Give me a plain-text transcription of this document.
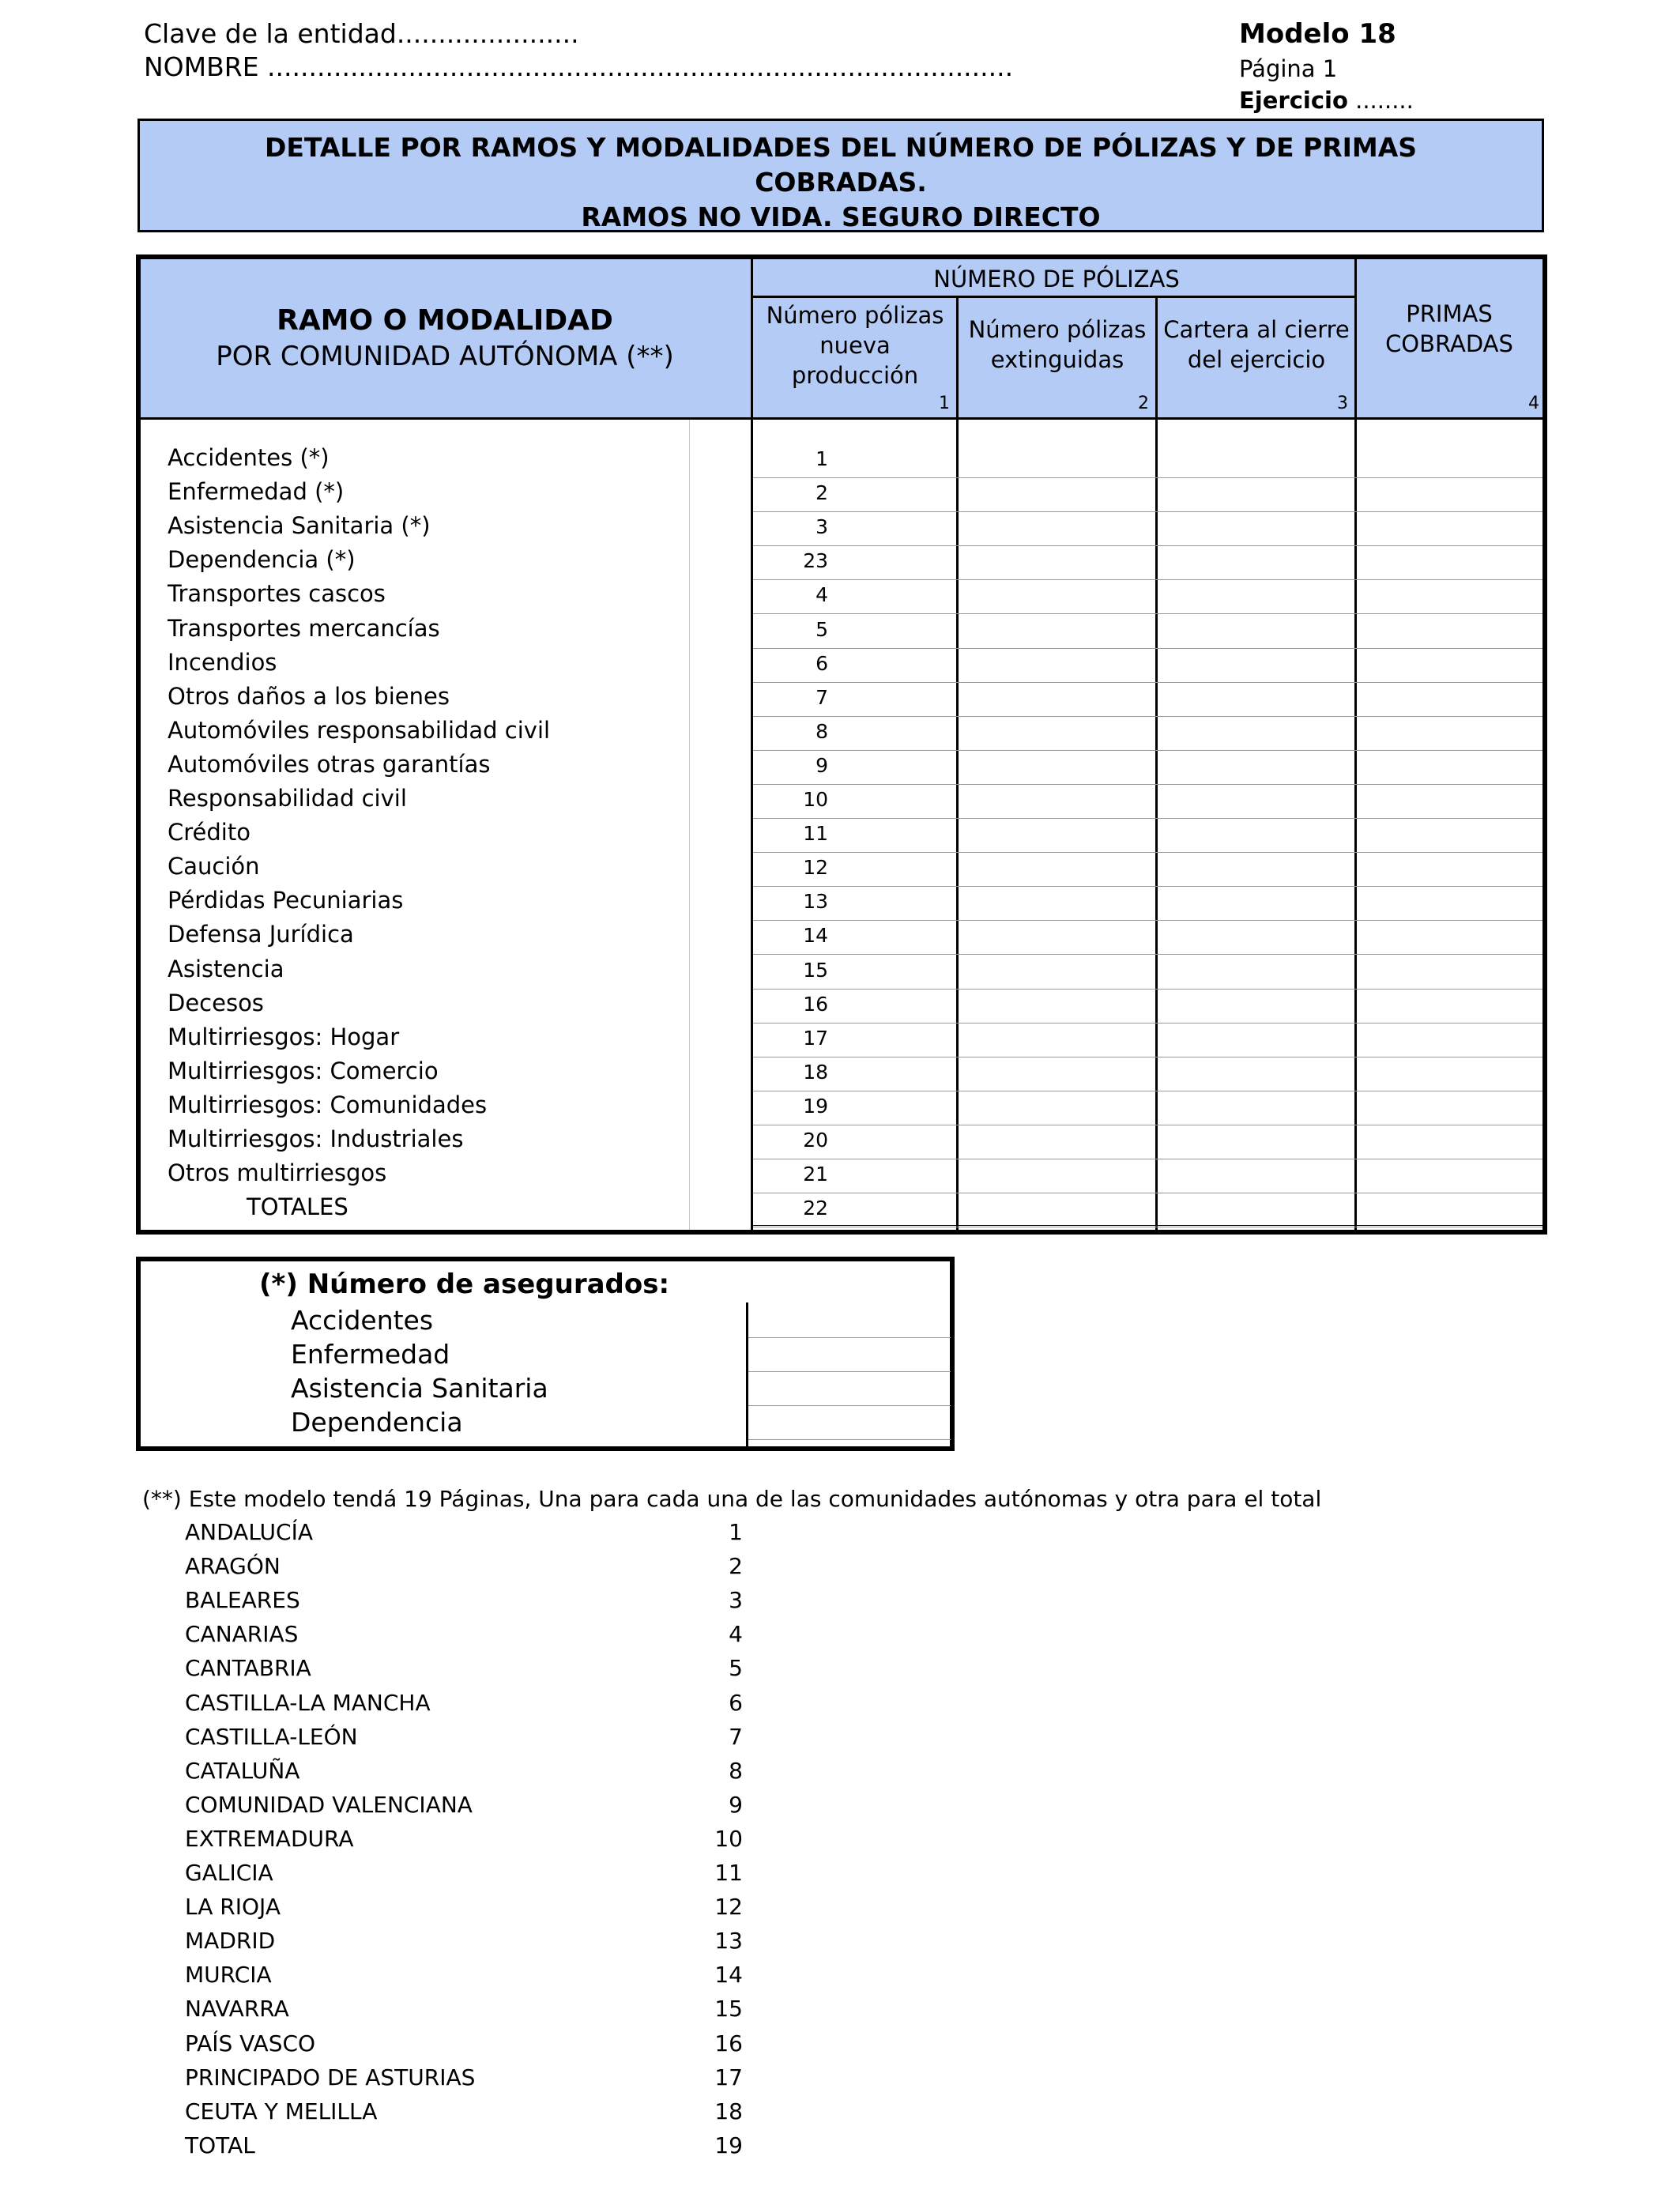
Clave de la entidad......................
NOMBRE ..........................................................................................
Modelo 18
Página 1
Ejercicio ........
DETALLE POR RAMOS Y MODALIDADES DEL NÚMERO DE PÓLIZAS Y DE PRIMAS
COBRADAS.
RAMOS NO VIDA. SEGURO DIRECTO
RAMO O MODALIDAD
POR COMUNIDAD AUTÓNOMA (**)
NÚMERO DE PÓLIZAS
Número pólizas
nueva
producción
Número pólizas
extinguidas
Cartera al cierre
del ejercicio
PRIMAS
COBRADAS
1	2	3	4
Accidentes (*)	1
Enfermedad (*)	2
Asistencia Sanitaria (*)	3
Dependencia (*)	23
Transportes cascos	4
Transportes mercancías	5
Incendios	6
Otros daños a los bienes	7
Automóviles responsabilidad civil	8
Automóviles otras garantías	9
Responsabilidad civil	10
Crédito	11
Caución	12
Pérdidas Pecuniarias	13
Defensa Jurídica	14
Asistencia	15
Decesos	16
Multirriesgos: Hogar	17
Multirriesgos: Comercio	18
Multirriesgos: Comunidades	19
Multirriesgos: Industriales	20
Otros multirriesgos	21
TOTALES	22
(*) Número de asegurados:
Accidentes
Enfermedad
Asistencia Sanitaria
Dependencia
(**) Este modelo tendá 19 Páginas, Una para cada una de las comunidades autónomas y otra para el total
ANDALUCÍA	1
ARAGÓN	2
BALEARES	3
CANARIAS	4
CANTABRIA	5
CASTILLA-LA MANCHA	6
CASTILLA-LEÓN	7
CATALUÑA	8
COMUNIDAD VALENCIANA	9
EXTREMADURA	10
GALICIA	11
LA RIOJA	12
MADRID	13
MURCIA	14
NAVARRA	15
PAÍS VASCO	16
PRINCIPADO DE ASTURIAS	17
CEUTA Y MELILLA	18
TOTAL	19
